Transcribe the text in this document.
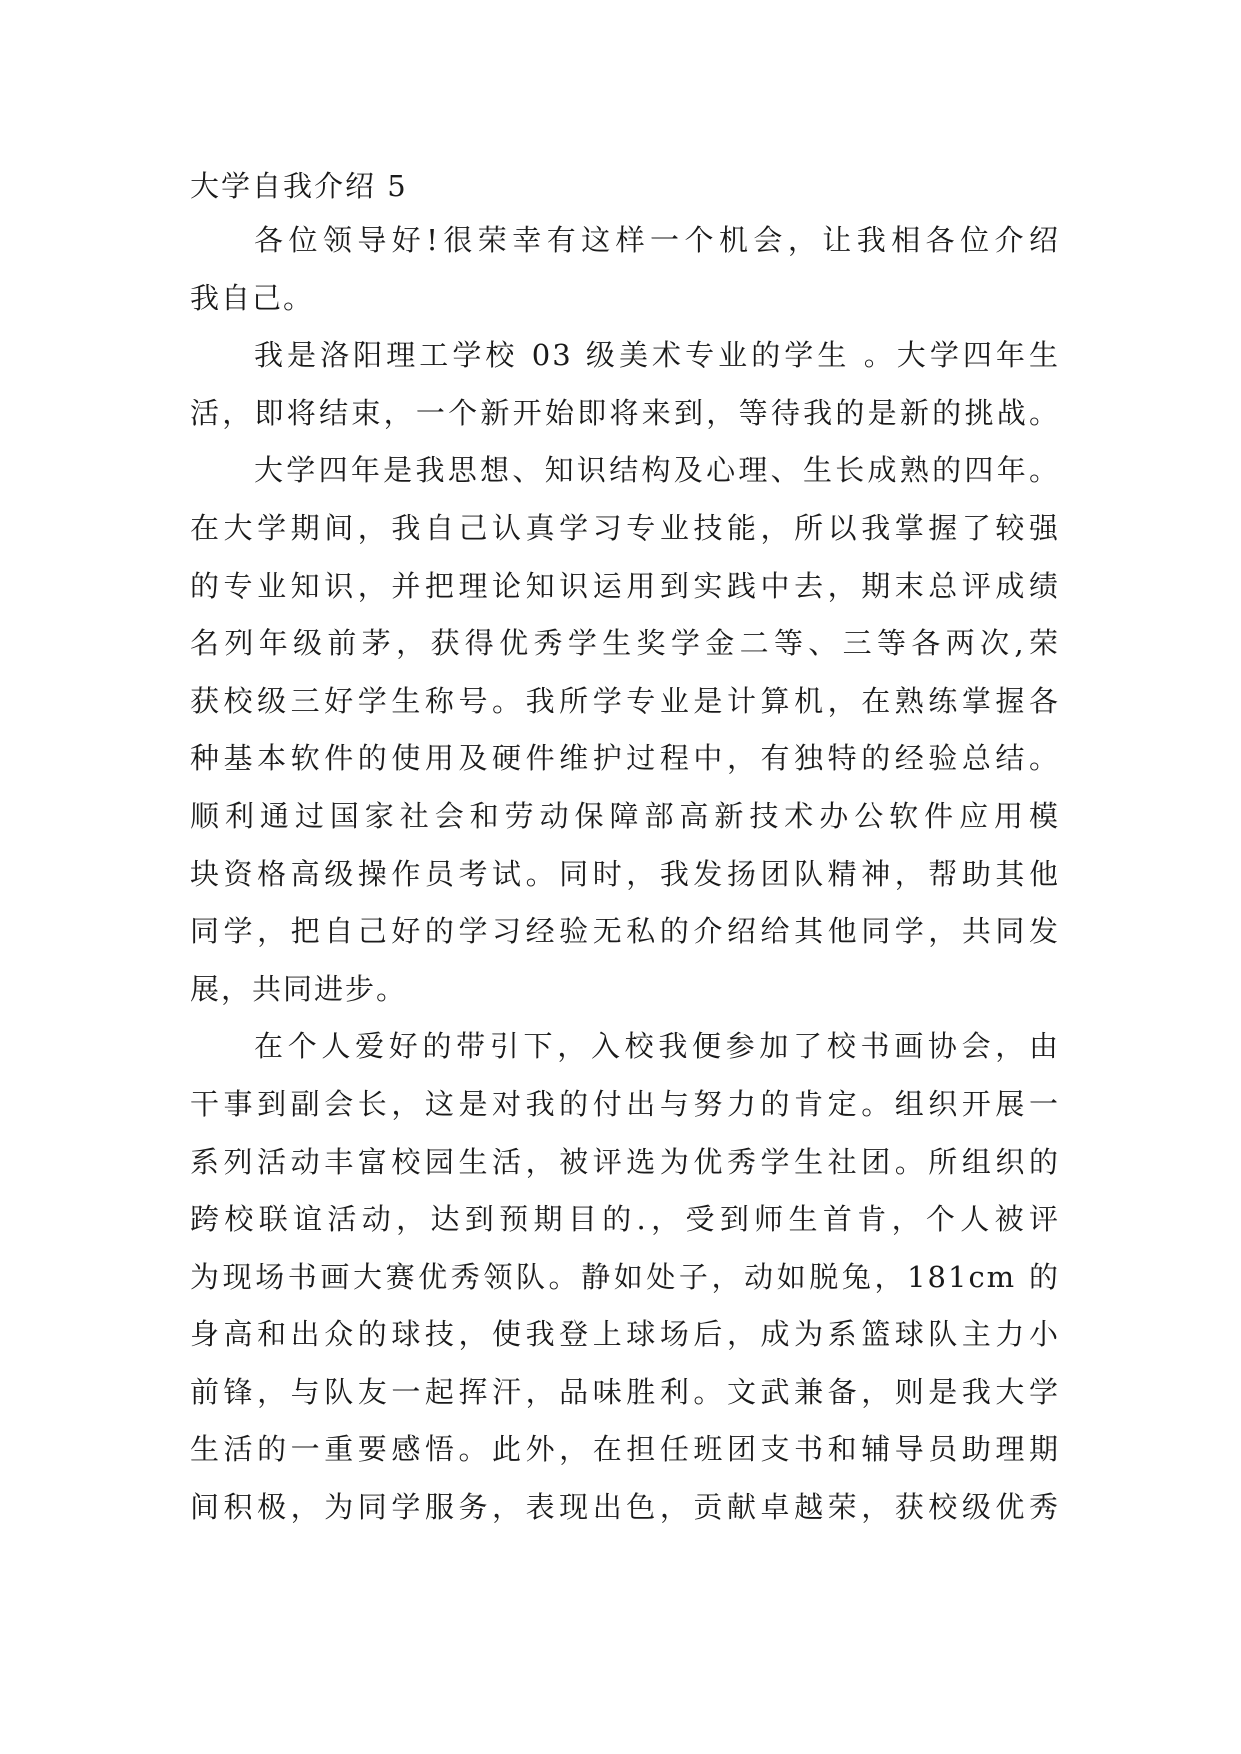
大学自我介绍 5
各位领导好!很荣幸有这样一个机会，让我相各位介绍
我自己。
我是洛阳理工学校 03 级美术专业的学生 。大学四年生
活，即将结束，一个新开始即将来到，等待我的是新的挑战。
大学四年是我思想、知识结构及心理、生长成熟的四年。
在大学期间，我自己认真学习专业技能，所以我掌握了较强
的专业知识，并把理论知识运用到实践中去，期末总评成绩
名列年级前茅，获得优秀学生奖学金二等、三等各两次,荣
获校级三好学生称号。我所学专业是计算机，在熟练掌握各
种基本软件的使用及硬件维护过程中，有独特的经验总结。
顺利通过国家社会和劳动保障部高新技术办公软件应用模
块资格高级操作员考试。同时，我发扬团队精神，帮助其他
同学，把自己好的学习经验无私的介绍给其他同学，共同发
展，共同进步。
在个人爱好的带引下，入校我便参加了校书画协会，由
干事到副会长，这是对我的付出与努力的肯定。组织开展一
系列活动丰富校园生活，被评选为优秀学生社团。所组织的
跨校联谊活动，达到预期目的.，受到师生首肯，个人被评
为现场书画大赛优秀领队。静如处子，动如脱兔，181cm 的
身高和出众的球技，使我登上球场后，成为系篮球队主力小
前锋，与队友一起挥汗，品味胜利。文武兼备，则是我大学
生活的一重要感悟。此外，在担任班团支书和辅导员助理期
间积极，为同学服务，表现出色，贡献卓越荣，获校级优秀
